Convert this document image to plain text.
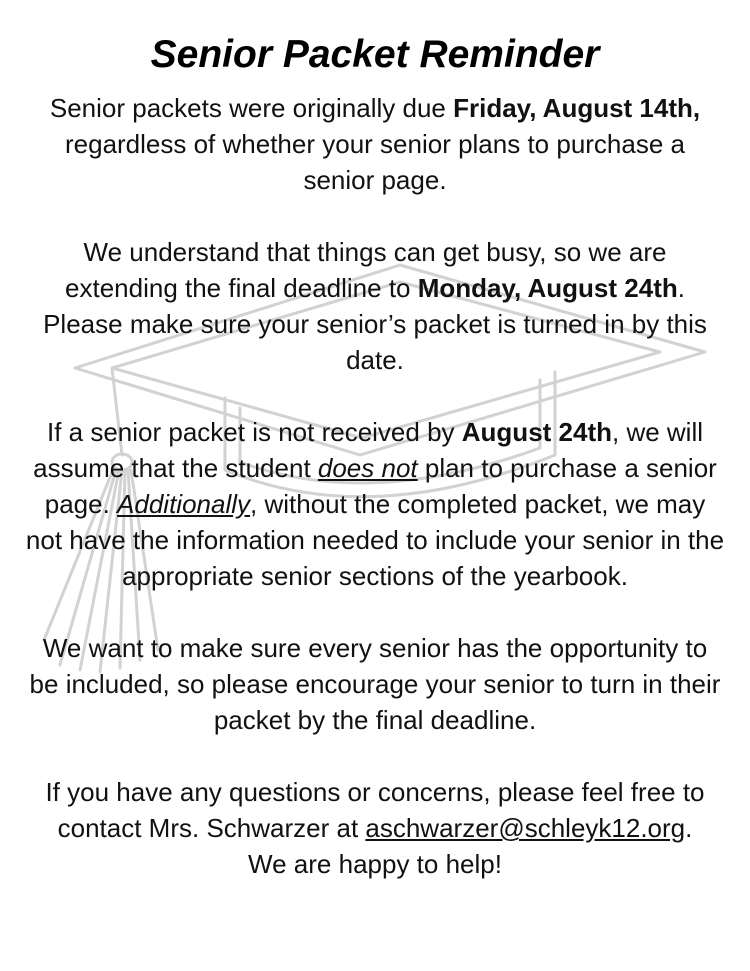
Senior Packet Reminder

Senior packets were originally due Friday, August 14th, regardless of whether your senior plans to purchase a senior page.

We understand that things can get busy, so we are extending the final deadline to Monday, August 24th. Please make sure your senior’s packet is turned in by this date.

If a senior packet is not received by August 24th, we will assume that the student does not plan to purchase a senior page. Additionally, without the completed packet, we may not have the information needed to include your senior in the appropriate senior sections of the yearbook.

We want to make sure every senior has the opportunity to be included, so please encourage your senior to turn in their packet by the final deadline.

If you have any questions or concerns, please feel free to contact Mrs. Schwarzer at aschwarzer@schleyk12.org.
We are happy to help!
